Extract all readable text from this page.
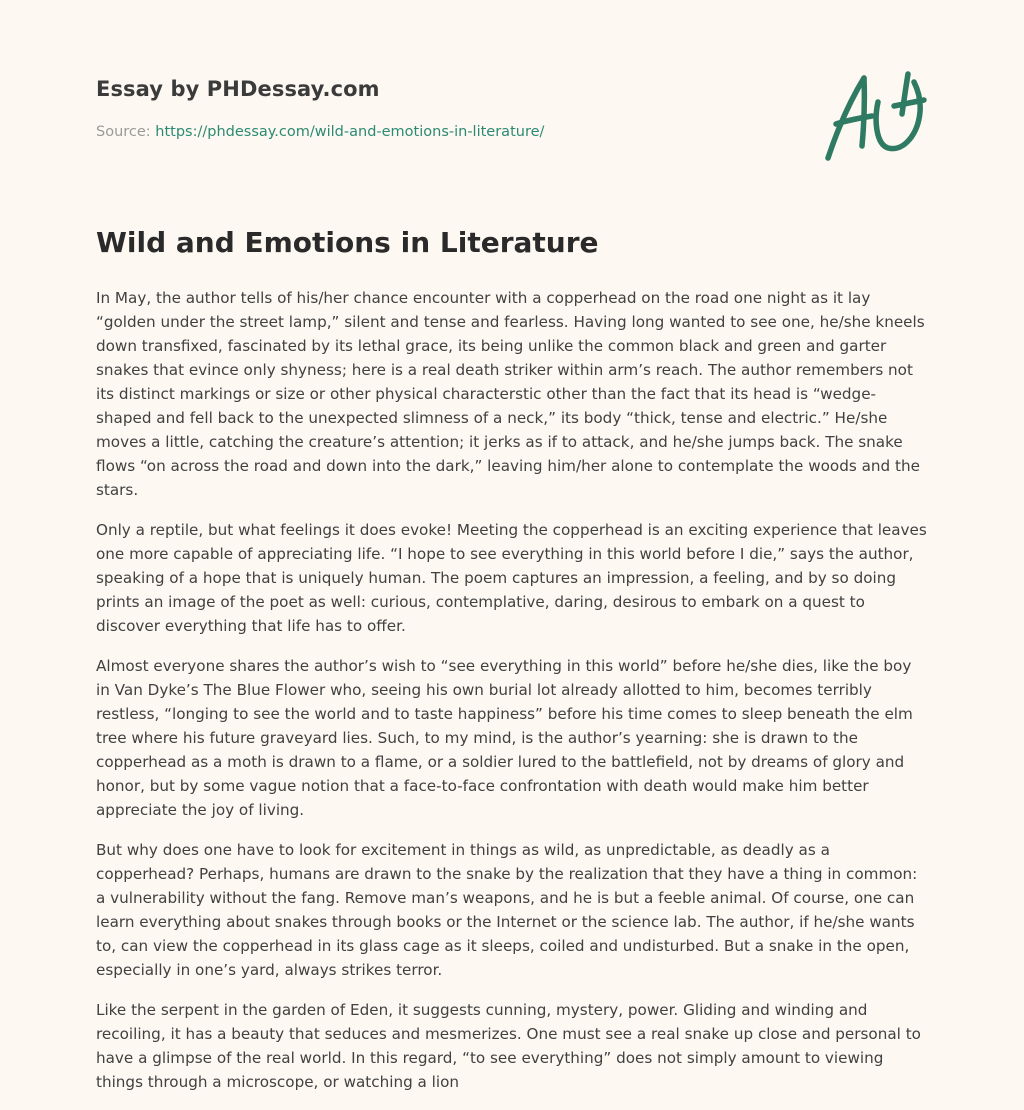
Essay by PHDessay.com
Source: https://phdessay.com/wild-and-emotions-in-literature/
Wild and Emotions in Literature

In May, the author tells of his/her chance encounter with a copperhead on the road one night as it lay “golden under the street lamp,” silent and tense and fearless. Having long wanted to see one, he/she kneels down transfixed, fascinated by its lethal grace, its being unlike the common black and green and garter snakes that evince only shyness; here is a real death striker within arm’s reach. The author remembers not its distinct markings or size or other physical characterstic other than the fact that its head is “wedge-shaped and fell back to the unexpected slimness of a neck,” its body “thick, tense and electric.” He/she moves a little, catching the creature’s attention; it jerks as if to attack, and he/she jumps back. The snake flows “on across the road and down into the dark,” leaving him/her alone to contemplate the woods and the stars.

Only a reptile, but what feelings it does evoke! Meeting the copperhead is an exciting experience that leaves one more capable of appreciating life. “I hope to see everything in this world before I die,” says the author, speaking of a hope that is uniquely human. The poem captures an impression, a feeling, and by so doing prints an image of the poet as well: curious, contemplative, daring, desirous to embark on a quest to discover everything that life has to offer.

Almost everyone shares the author’s wish to “see everything in this world” before he/she dies, like the boy in Van Dyke’s The Blue Flower who, seeing his own burial lot already allotted to him, becomes terribly restless, “longing to see the world and to taste happiness” before his time comes to sleep beneath the elm tree where his future graveyard lies. Such, to my mind, is the author’s yearning: she is drawn to the copperhead as a moth is drawn to a flame, or a soldier lured to the battlefield, not by dreams of glory and honor, but by some vague notion that a face-to-face confrontation with death would make him better appreciate the joy of living.

But why does one have to look for excitement in things as wild, as unpredictable, as deadly as a copperhead? Perhaps, humans are drawn to the snake by the realization that they have a thing in common: a vulnerability without the fang. Remove man’s weapons, and he is but a feeble animal. Of course, one can learn everything about snakes through books or the Internet or the science lab. The author, if he/she wants to, can view the copperhead in its glass cage as it sleeps, coiled and undisturbed. But a snake in the open, especially in one’s yard, always strikes terror.

Like the serpent in the garden of Eden, it suggests cunning, mystery, power. Gliding and winding and recoiling, it has a beauty that seduces and mesmerizes. One must see a real snake up close and personal to have a glimpse of the real world. In this regard, “to see everything” does not simply amount to viewing things through a microscope, or watching a lion
